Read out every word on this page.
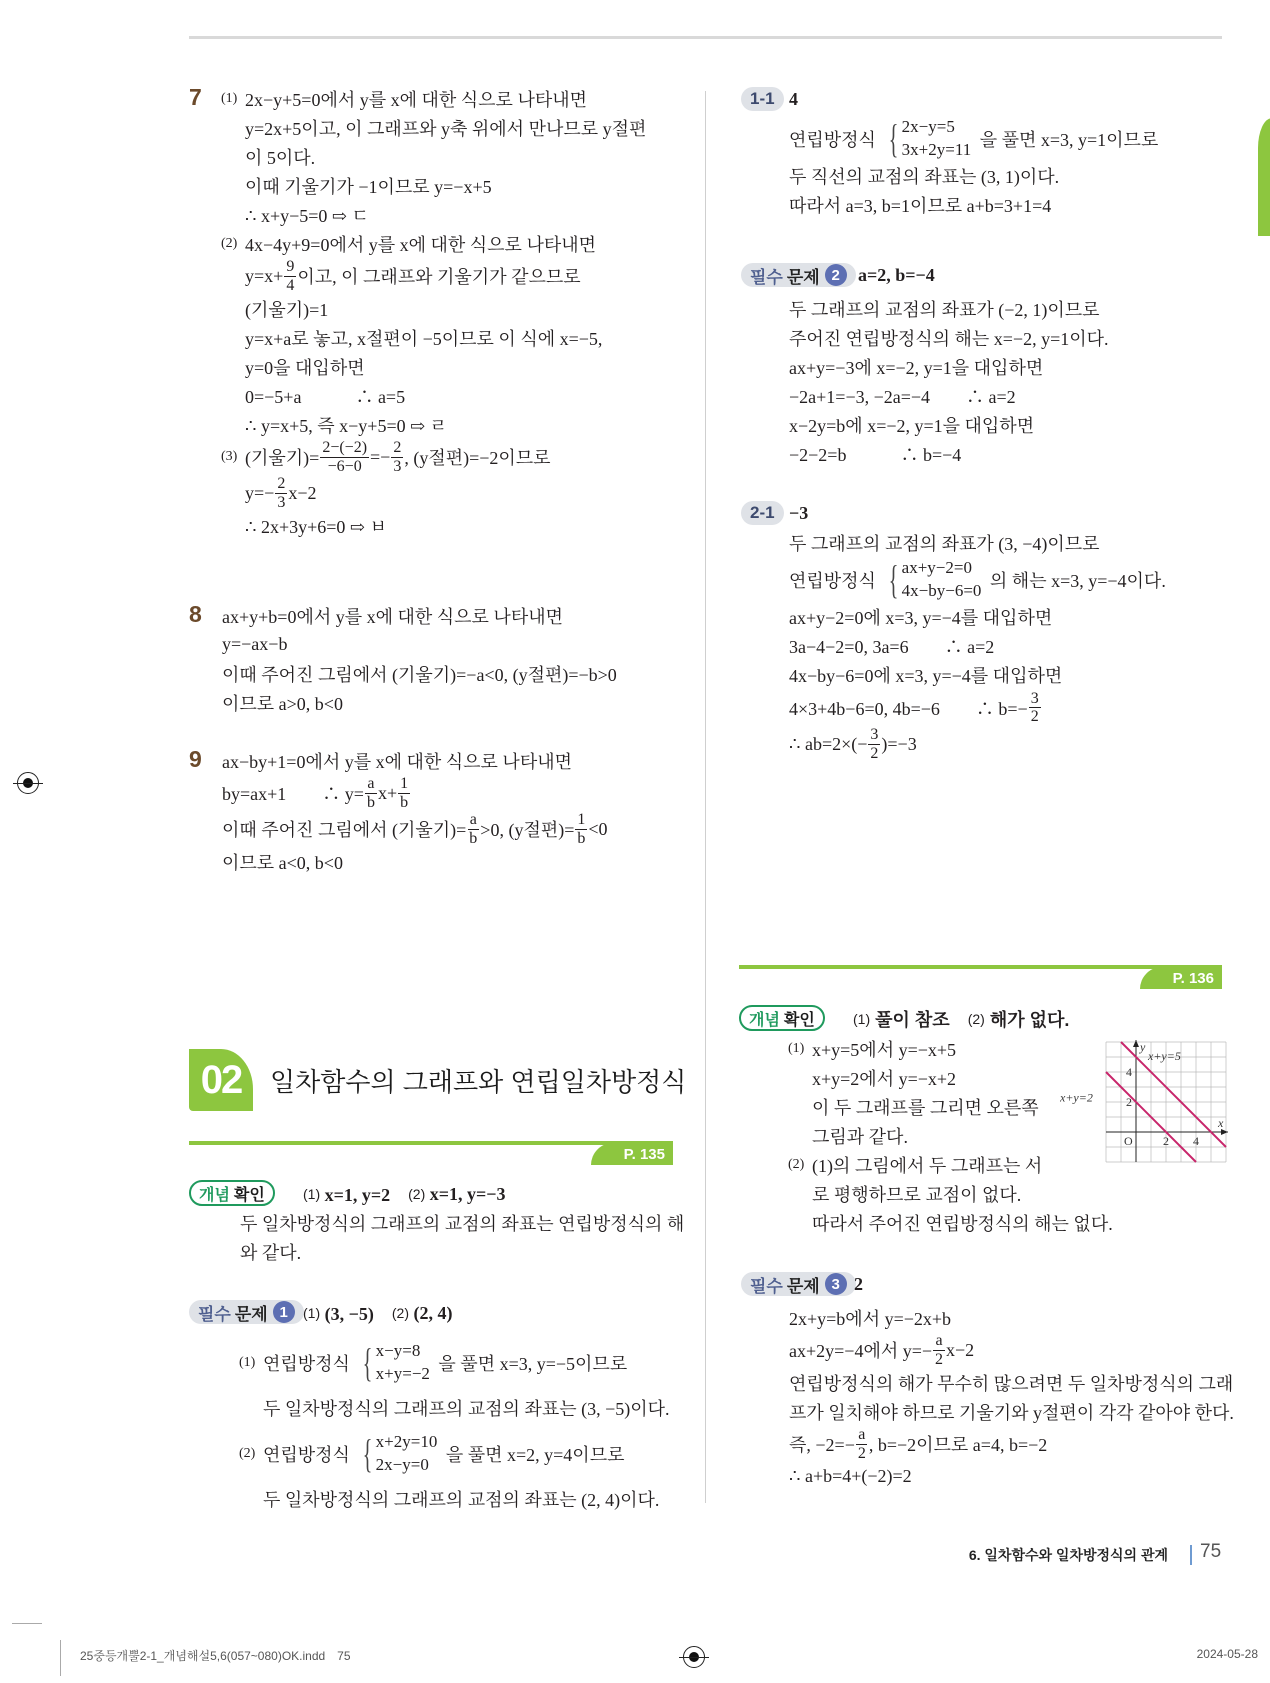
7 (1) 2x−y+5=0에서 y를 x에 대한 식으로 나타내면
y=2x+5이고, 이 그래프와 y축 위에서 만나므로 y절편
이 5이다.
이때 기울기가 −1이므로 y=−x+5
∴ x+y−5=0 ⇨ ㄷ
(2) 4x−4y+9=0에서 y를 x에 대한 식으로 나타내면
$y=x+ \frac{9}{4}$ 이고, 이 그래프와 기울기가 같으므로
(기울기)=1
y=x+a로 놓고, x절편이 −5이므로 이 식에 x=−5,
y=0을 대입하면
0=−5+a　　　∴ a=5
∴ y=x+5, 즉 x−y+5=0 ⇨ ㄹ
(3) (기울기)= $\frac{2-(-2)}{-6-0} =- \frac{2}{3}$ , (y절편)=−2이므로
$y=- \frac{2}{3} x-2$
∴ 2x+3y+6=0 ⇨ ㅂ
8 ax+y+b=0에서 y를 x에 대한 식으로 나타내면
y=−ax−b
이때 주어진 그림에서 (기울기)=−a<0, (y절편)=−b>0
이므로 a>0, b<0
9 ax−by+1=0에서 y를 x에 대한 식으로 나타내면
by=ax+1　　∴ $y= \frac{a}{b} x+ \frac{1}{b}$
이때 주어진 그림에서 (기울기)= $\frac{a}{b} >0$, (y절편)= $\frac{1}{b} <0$
이므로 a<0, b<0
02	일차함수의 그래프와 연립일차방정식
P. 135
개념 확인	(1) x=1, y=2　 (2) x=1, y=−3
두 일차방정식의 그래프의 교점의 좌표는 연립방정식의 해
와 같다.
필수 문제 1	(1) (3, −5)　 (2) (2, 4)
(1) 연립방정식 { x−y=8
x+y=−2 을 풀면 x=3, y=−5이므로
두 일차방정식의 그래프의 교점의 좌표는 (3, −5)이다.
(2) 연립방정식 { x+2y=10
2x−y=0 을 풀면 x=2, y=4이므로
두 일차방정식의 그래프의 교점의 좌표는 (2, 4)이다.
1-1 4
연립방정식 { 2x−y=5
3x+2y=11 을 풀면 x=3, y=1이므로
두 직선의 교점의 좌표는 (3, 1)이다.
따라서 a=3, b=1이므로 a+b=3+1=4
필수 문제 2	a=2, b=−4
두 그래프의 교점의 좌표가 (−2, 1)이므로
주어진 연립방정식의 해는 x=−2, y=1이다.
ax+y=−3에 x=−2, y=1을 대입하면
−2a+1=−3, −2a=−4　　∴ a=2
x−2y=b에 x=−2, y=1을 대입하면
−2−2=b　　　∴ b=−4
2-1 −3
두 그래프의 교점의 좌표가 (3, −4)이므로
연립방정식 { ax+y−2=0
4x−by−6=0 의 해는 x=3, y=−4이다.
ax+y−2=0에 x=3, y=−4를 대입하면
3a−4−2=0, 3a=6　　∴ a=2
4x−by−6=0에 x=3, y=−4를 대입하면
4×3+4b−6=0, 4b=−6　　∴ $b=- \frac{3}{2}$
∴ $ab=2\times(- \frac{3}{2} )=-3$
P. 136
개념 확인	(1) 풀이 참조　 (2) 해가 없다.
(1) x+y=5에서 y=−x+5
x+y=2에서 y=−x+2
이 두 그래프를 그리면 오른쪽
그림과 같다.
(2) (1)의 그림에서 두 그래프는 서
로 평행하므로 교점이 없다.
따라서 주어진 연립방정식의 해는 없다.
x+y=5
x+y=2
x
y
O	2 4
2
4
필수 문제 3 2
2x+y=b에서 y=−2x+b
ax+2y=−4에서 $y=- \frac{a}{2} x-2$
연립방정식의 해가 무수히 많으려면 두 일차방정식의 그래
프가 일치해야 하므로 기울기와 y절편이 각각 같아야 한다.
즉, $-2=- \frac{a}{2}$ , b=−2이므로 a=4, b=−2
∴ a+b=4+(−2)=2
6. 일차함수와 일차방정식의 관계 75
25중등개뿔2-1_개념해설5,6(057~080)OK.indd　75	2024-05-28
